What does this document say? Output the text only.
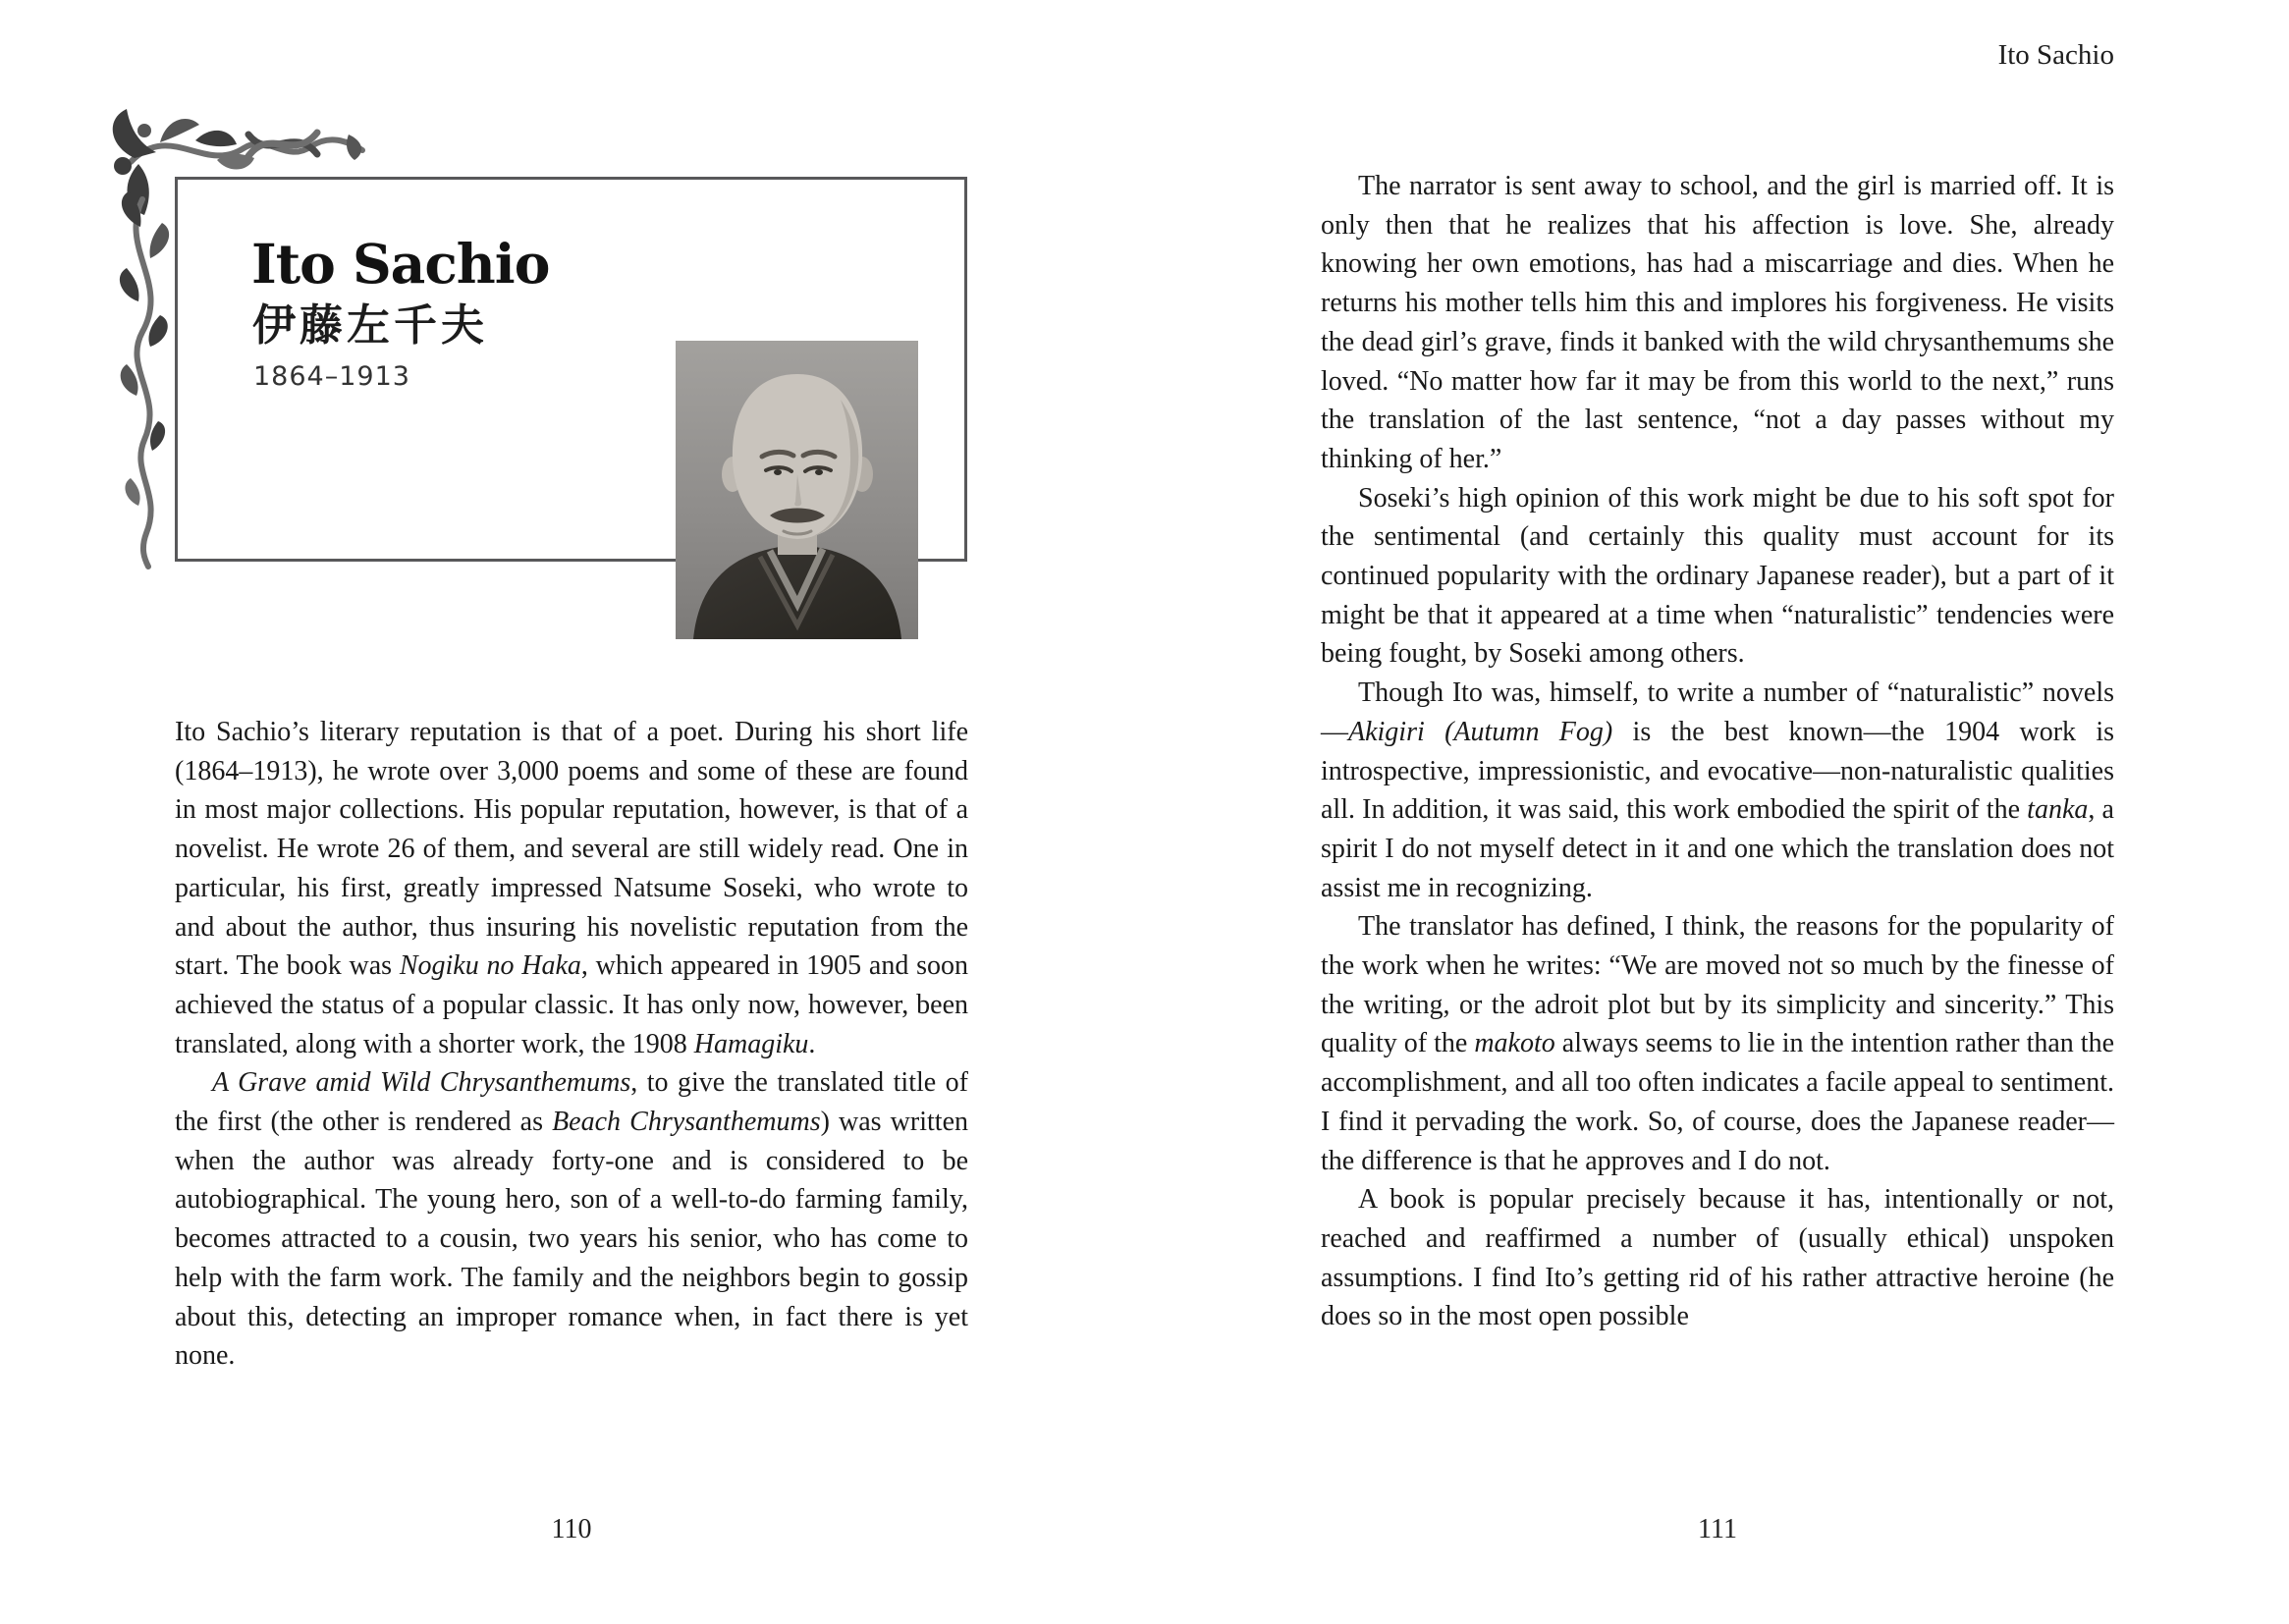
Ito Sachio
伊藤左千夫
1864–1913

Ito Sachio’s literary reputation is that of a poet. During his short life (1864–1913), he wrote over 3,000 poems and some of these are found in most major collections. His popular reputation, however, is that of a novelist. He wrote 26 of them, and several are still widely read. One in particular, his first, greatly impressed Natsume Soseki, who wrote to and about the author, thus insuring his novelistic reputation from the start. The book was Nogiku no Haka, which appeared in 1905 and soon achieved the status of a popular classic. It has only now, however, been translated, along with a shorter work, the 1908 Hamagiku.

A Grave amid Wild Chrysanthemums, to give the translated title of the first (the other is rendered as Beach Chrysanthemums) was written when the author was already forty-one and is considered to be autobiographical. The young hero, son of a well-to-do farming family, becomes attracted to a cousin, two years his senior, who has come to help with the farm work. The family and the neighbors begin to gossip about this, detecting an improper romance when, in fact there is yet none.

110
Ito Sachio

The narrator is sent away to school, and the girl is married off. It is only then that he realizes that his affection is love. She, already knowing her own emotions, has had a miscarriage and dies. When he returns his mother tells him this and implores his forgiveness. He visits the dead girl’s grave, finds it banked with the wild chrysanthemums she loved. “No matter how far it may be from this world to the next,” runs the translation of the last sentence, “not a day passes without my thinking of her.”

Soseki’s high opinion of this work might be due to his soft spot for the sentimental (and certainly this quality must account for its continued popularity with the ordinary Japanese reader), but a part of it might be that it appeared at a time when “naturalistic” tendencies were being fought, by Soseki among others.

Though Ito was, himself, to write a number of “naturalistic” novels—Akigiri (Autumn Fog) is the best known—the 1904 work is introspective, impressionistic, and evocative—non-naturalistic qualities all. In addition, it was said, this work embodied the spirit of the tanka, a spirit I do not myself detect in it and one which the translation does not assist me in recognizing.

The translator has defined, I think, the reasons for the popularity of the work when he writes: “We are moved not so much by the finesse of the writing, or the adroit plot but by its simplicity and sincerity.” This quality of the makoto always seems to lie in the intention rather than the accomplishment, and all too often indicates a facile appeal to sentiment. I find it pervading the work. So, of course, does the Japanese reader—the difference is that he approves and I do not.

A book is popular precisely because it has, intentionally or not, reached and reaffirmed a number of (usually ethical) unspoken assumptions. I find Ito’s getting rid of his rather attractive heroine (he does so in the most open possible

111
